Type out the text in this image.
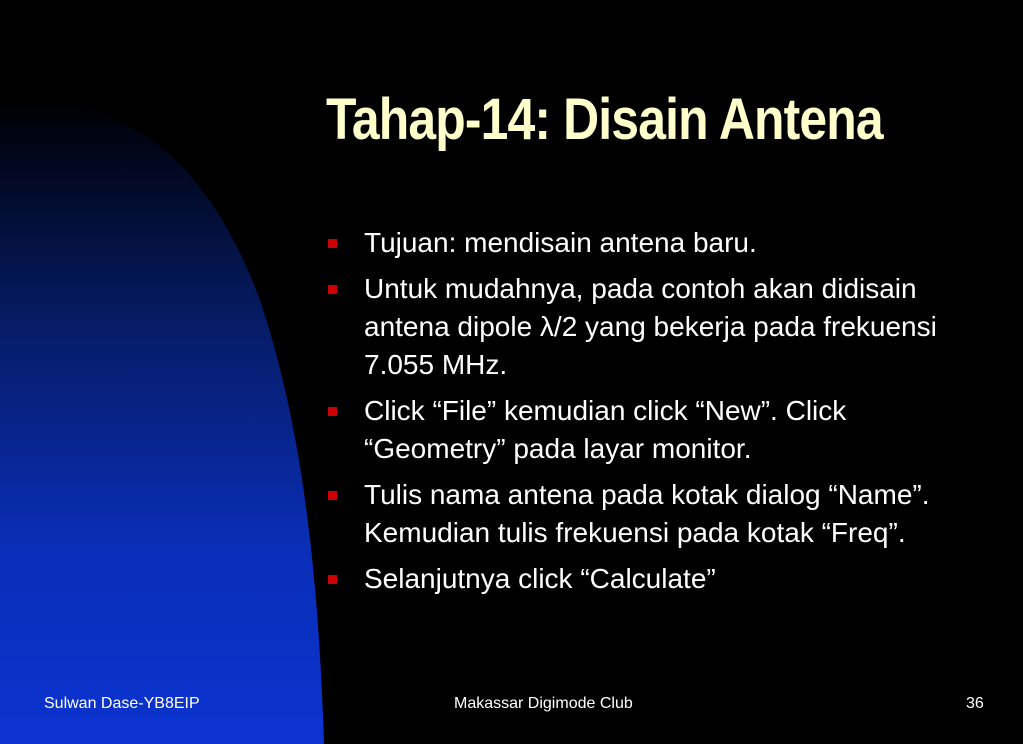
Tahap-14: Disain Antena
Tujuan: mendisain antena baru.
Untuk mudahnya, pada contoh akan didisain antena dipole λ/2 yang bekerja pada frekuensi 7.055 MHz.
Click “File” kemudian click “New”. Click “Geometry” pada layar monitor.
Tulis nama antena pada kotak dialog “Name”. Kemudian tulis frekuensi pada kotak “Freq”.
Selanjutnya click “Calculate”
Sulwan Dase-YB8EIP	Makassar Digimode Club	36
